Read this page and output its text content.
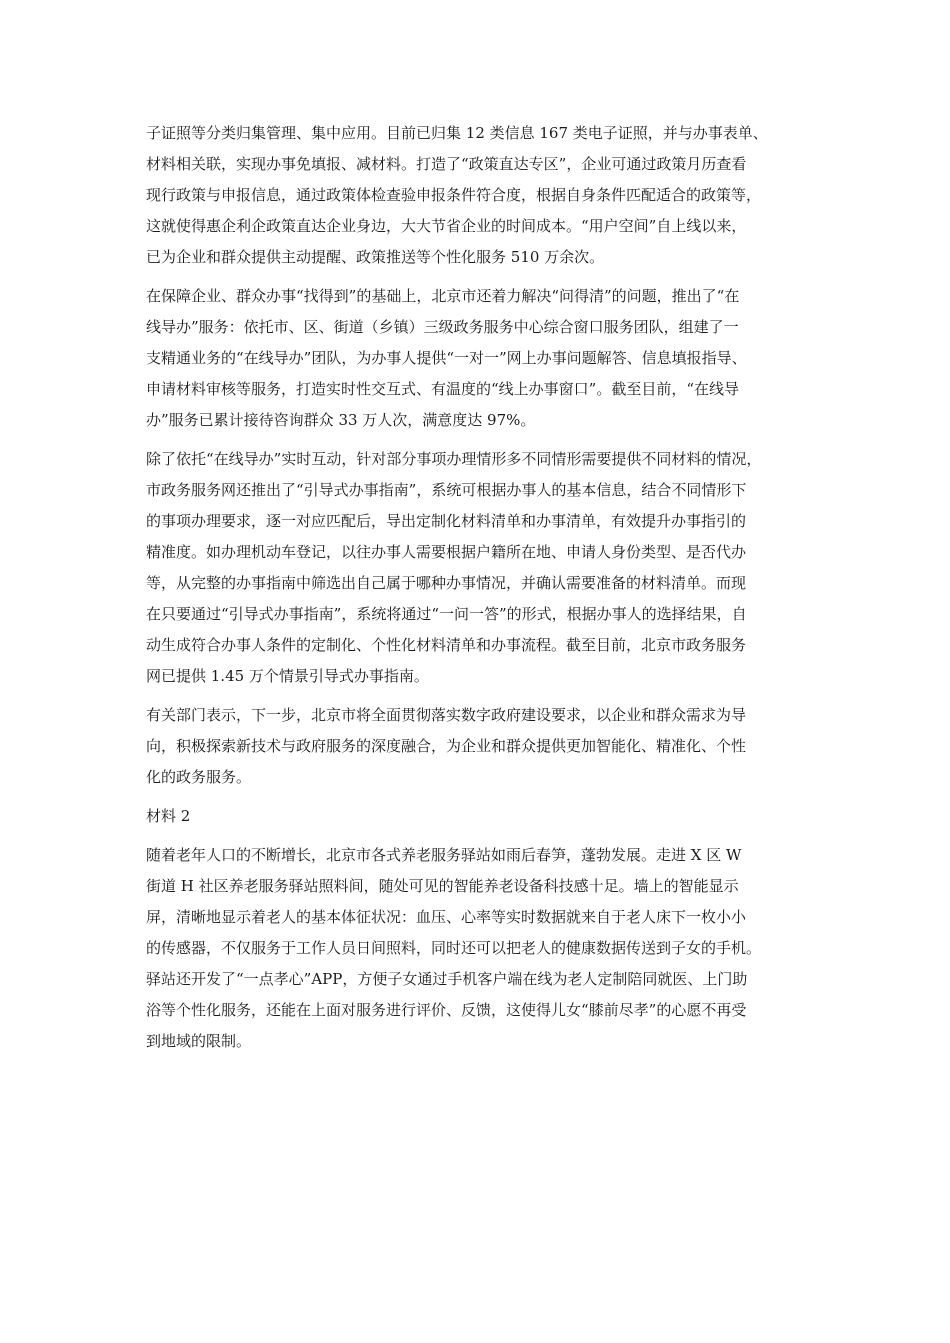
子证照等分类归集管理、集中应用。目前已归集 12 类信息 167 类电子证照，并与办事表单、
材料相关联，实现办事免填报、减材料。打造了“政策直达专区”，企业可通过政策月历查看
现行政策与申报信息，通过政策体检查验申报条件符合度，根据自身条件匹配适合的政策等，
这就使得惠企利企政策直达企业身边，大大节省企业的时间成本。“用户空间”自上线以来，
已为企业和群众提供主动提醒、政策推送等个性化服务 510 万余次。
在保障企业、群众办事“找得到”的基础上，北京市还着力解决“问得清”的问题，推出了“在
线导办”服务：依托市、区、街道（乡镇）三级政务服务中心综合窗口服务团队，组建了一
支精通业务的“在线导办”团队，为办事人提供“一对一”网上办事问题解答、信息填报指导、
申请材料审核等服务，打造实时性交互式、有温度的“线上办事窗口”。截至目前，“在线导
办”服务已累计接待咨询群众 33 万人次，满意度达 97%。
除了依托“在线导办”实时互动，针对部分事项办理情形多不同情形需要提供不同材料的情况，
市政务服务网还推出了“引导式办事指南”，系统可根据办事人的基本信息，结合不同情形下
的事项办理要求，逐一对应匹配后，导出定制化材料清单和办事清单，有效提升办事指引的
精准度。如办理机动车登记，以往办事人需要根据户籍所在地、申请人身份类型、是否代办
等，从完整的办事指南中筛选出自己属于哪种办事情况，并确认需要准备的材料清单。而现
在只要通过“引导式办事指南”，系统将通过“一问一答”的形式，根据办事人的选择结果，自
动生成符合办事人条件的定制化、个性化材料清单和办事流程。截至目前，北京市政务服务
网已提供 1.45 万个情景引导式办事指南。
有关部门表示，下一步，北京市将全面贯彻落实数字政府建设要求，以企业和群众需求为导
向，积极探索新技术与政府服务的深度融合，为企业和群众提供更加智能化、精准化、个性
化的政务服务。
材料 2
随着老年人口的不断增长，北京市各式养老服务驿站如雨后春笋，蓬勃发展。走进 X 区 W
街道 H 社区养老服务驿站照料间，随处可见的智能养老设备科技感十足。墙上的智能显示
屏，清晰地显示着老人的基本体征状况：血压、心率等实时数据就来自于老人床下一枚小小
的传感器，不仅服务于工作人员日间照料，同时还可以把老人的健康数据传送到子女的手机。
驿站还开发了“一点孝心”APP，方便子女通过手机客户端在线为老人定制陪同就医、上门助
浴等个性化服务，还能在上面对服务进行评价、反馈，这使得儿女“膝前尽孝”的心愿不再受
到地域的限制。
